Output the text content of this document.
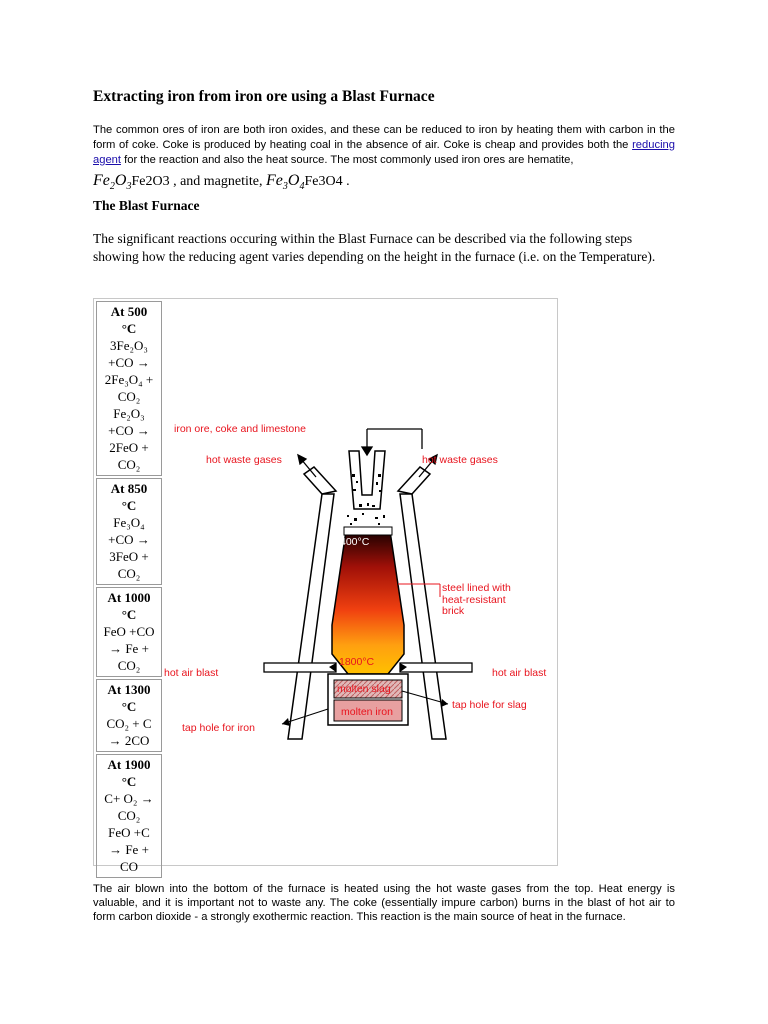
Extracting iron from iron ore using a Blast Furnace

The common ores of iron are both iron oxides, and these can be reduced to iron by heating them with carbon in the form of coke. Coke is produced by heating coal in the absence of air. Coke is cheap and provides both the reducing agent for the reaction and also the heat source. The most commonly used iron ores are hematite,
$Fe_2O_3Fe2O3$ , and magnetite, $Fe_3O_4Fe3O4$ .

The Blast Furnace

The significant reactions occuring within the Blast Furnace can be described via the following steps showing how the reducing agent varies depending on the height in the furnace (i.e. on the Temperature).

At 500
°C
3Fe₂O₃
+CO →
2Fe₃O₄ +
CO₂
Fe₂O₃
+CO →
2FeO +
CO₂
At 850
°C
Fe₃O₄
+CO →
3FeO +
CO₂
At 1000
°C
FeO +CO
→ Fe +
CO₂
At 1300
°C
CO₂ + C
→ 2CO
At 1900
°C
C+ O₂ →
CO₂
FeO +C
→ Fe +
CO
iron ore, coke and limestone
hot waste gases	hot waste gases
400°C
steel lined with
heat-resistant
brick
1800°C
hot air blast	hot air blast
molten slag
molten iron
tap hole for slag
tap hole for iron

The air blown into the bottom of the furnace is heated using the hot waste gases from the top. Heat energy is valuable, and it is important not to waste any. The coke (essentially impure carbon) burns in the blast of hot air to form carbon dioxide - a strongly exothermic reaction. This reaction is the main source of heat in the furnace.
